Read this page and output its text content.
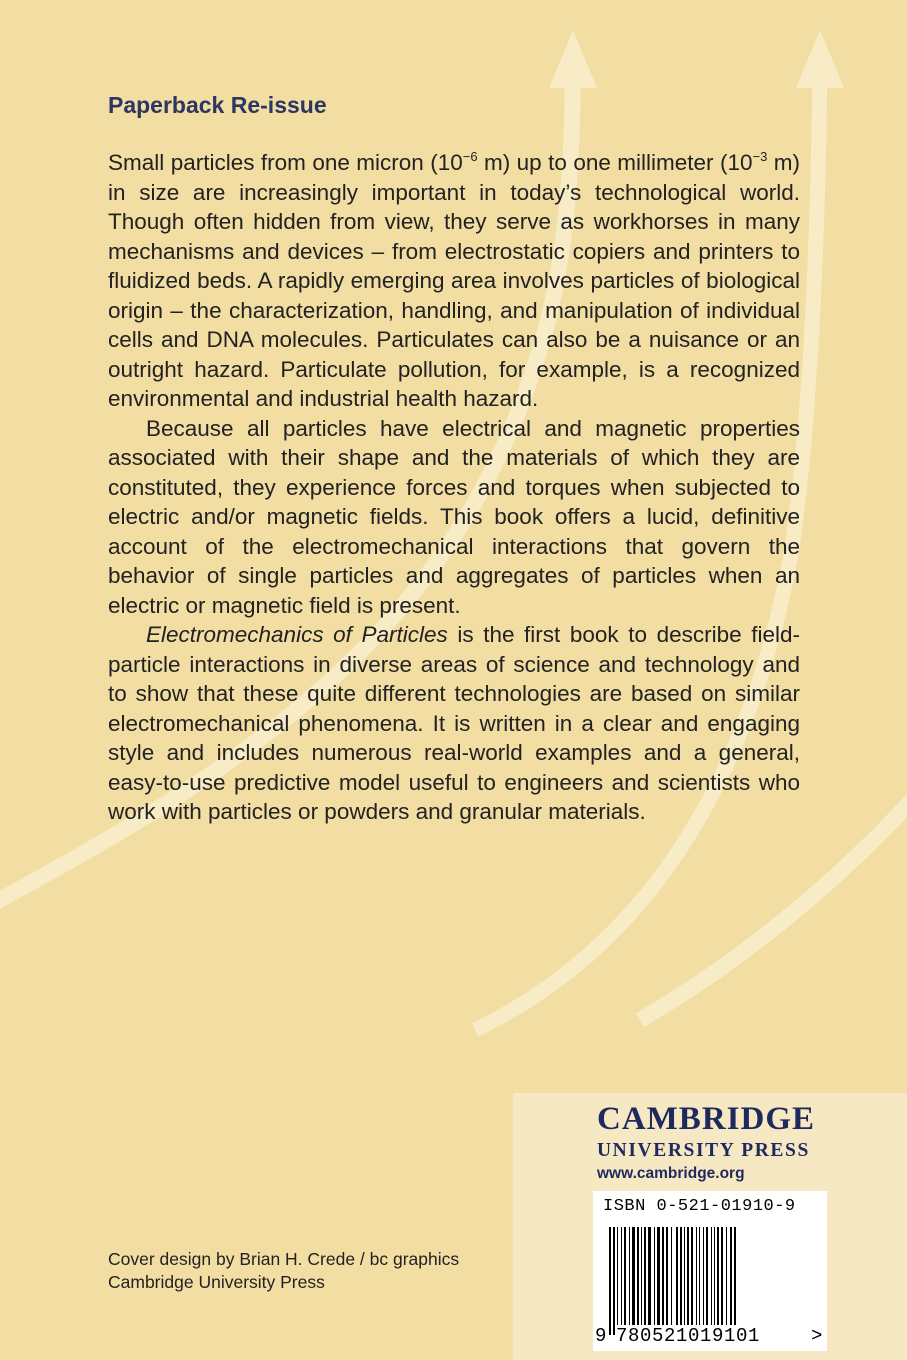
Paperback Re-issue

Small particles from one micron ($10^{-6}$ m) up to one millimeter ($10^{-3}$ m) in size are increasingly important in today’s technological world. Though often hidden from view, they serve as workhorses in many mechanisms and devices – from electrostatic copiers and printers to fluidized beds. A rapidly emerging area involves particles of biological origin – the characterization, handling, and manipulation of individual cells and DNA molecules. Particulates can also be a nuisance or an outright hazard. Particulate pollution, for example, is a recognized environmental and industrial health hazard.

Because all particles have electrical and magnetic properties associated with their shape and the materials of which they are constituted, they experience forces and torques when subjected to electric and/or magnetic fields. This book offers a lucid, definitive account of the electromechanical interactions that govern the behavior of single particles and aggregates of particles when an electric or magnetic field is present.

Electromechanics of Particles is the first book to describe field-particle interactions in diverse areas of science and technology and to show that these quite different technologies are based on similar electromechanical phenomena. It is written in a clear and engaging style and includes numerous real-world examples and a general, easy-to-use predictive model useful to engineers and scientists who work with particles or powders and granular materials.

Cover design by Brian H. Crede / bc graphics
Cambridge University Press
CAMBRIDGE
UNIVERSITY PRESS
www.cambridge.org
ISBN 0-521-01910-9
9 780521019101	>
